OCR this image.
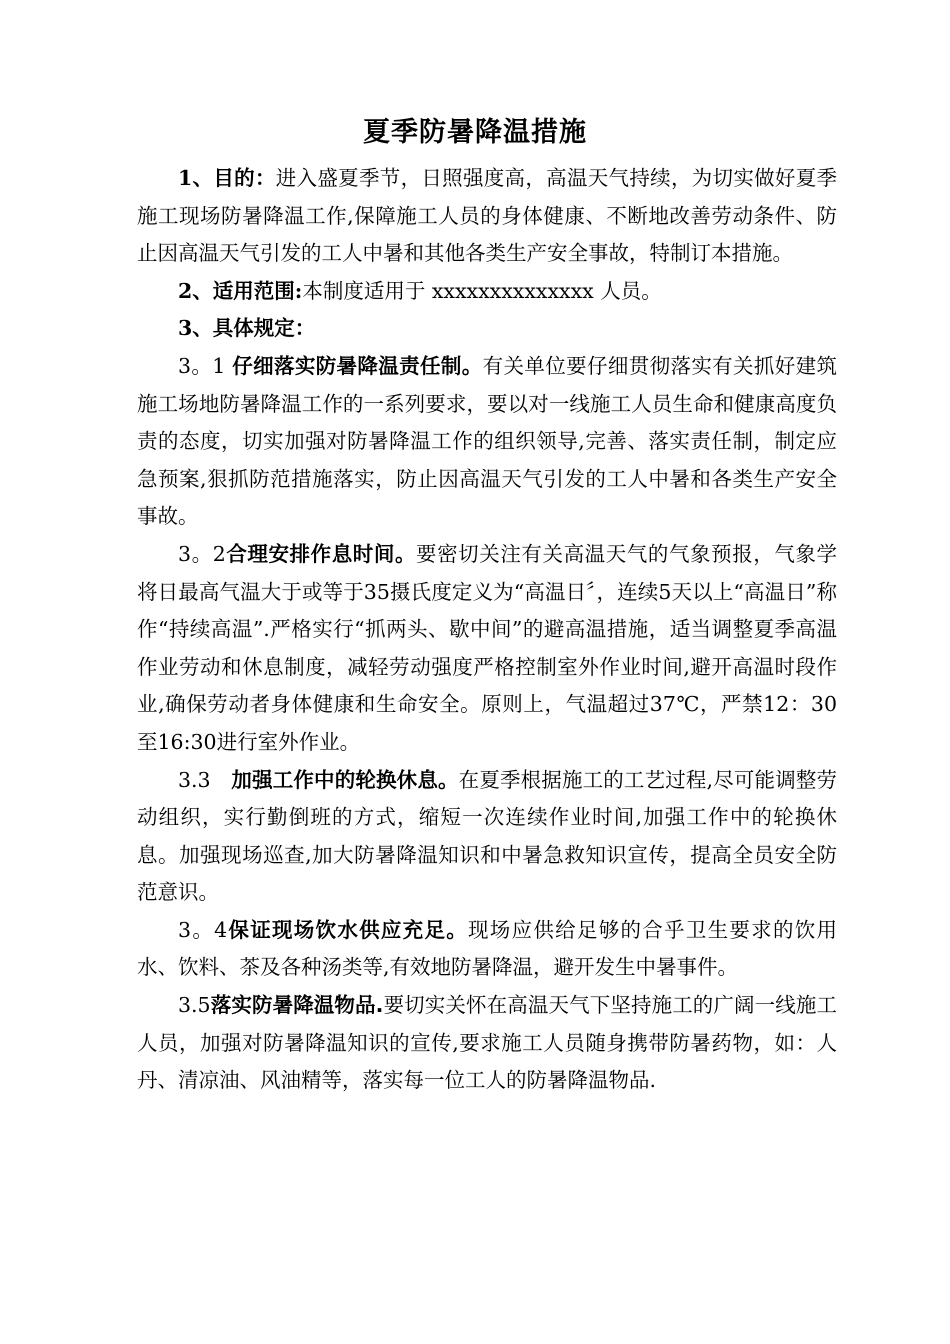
夏季防暑降温措施

1、目的：进入盛夏季节，日照强度高，高温天气持续，为切实做好夏季施工现场防暑降温工作,保障施工人员的身体健康、不断地改善劳动条件、防止因高温天气引发的工人中暑和其他各类生产安全事故，特制订本措施。

2、适用范围:本制度适用于 xxxxxxxxxxxxxx 人员。

3、具体规定：

3。1 仔细落实防暑降温责任制。有关单位要仔细贯彻落实有关抓好建筑施工场地防暑降温工作的一系列要求，要以对一线施工人员生命和健康高度负责的态度，切实加强对防暑降温工作的组织领导,完善、落实责任制，制定应急预案,狠抓防范措施落实，防止因高温天气引发的工人中暑和各类生产安全事故。

3。2合理安排作息时间。要密切关注有关高温天气的气象预报，气象学将日最高气温大于或等于35摄氏度定义为“高温日〞，连续5天以上“高温日”称作“持续高温”.严格实行“抓两头、歇中间”的避高温措施，适当调整夏季高温作业劳动和休息制度，减轻劳动强度严格控制室外作业时间,避开高温时段作业,确保劳动者身体健康和生命安全。原则上，气温超过37℃，严禁12：30至16:30进行室外作业。

3.3　加强工作中的轮换休息。在夏季根据施工的工艺过程,尽可能调整劳动组织，实行勤倒班的方式，缩短一次连续作业时间,加强工作中的轮换休息。加强现场巡查,加大防暑降温知识和中暑急救知识宣传，提高全员安全防范意识。

3。4保证现场饮水供应充足。现场应供给足够的合乎卫生要求的饮用水、饮料、茶及各种汤类等,有效地防暑降温，避开发生中暑事件。

3.5落实防暑降温物品.要切实关怀在高温天气下坚持施工的广阔一线施工人员，加强对防暑降温知识的宣传,要求施工人员随身携带防暑药物，如：人丹、清凉油、风油精等，落实每一位工人的防暑降温物品.
